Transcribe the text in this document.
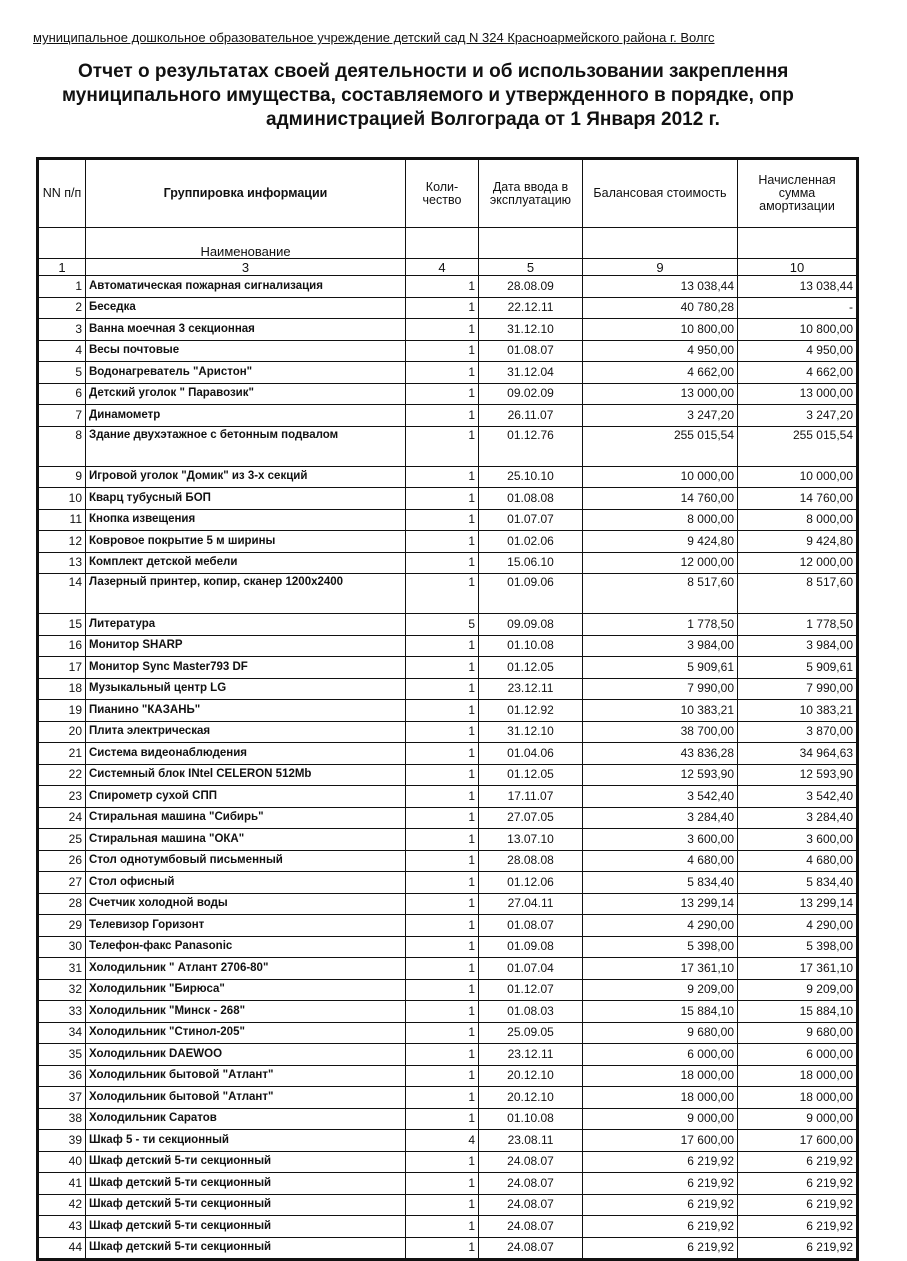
муниципальное дошкольное образовательное учреждение детский сад N 324 Красноармейского района г. Волгс
Отчет о результатах своей деятельности и об использовании закреплення
муниципального имущества, составляемого и утвержденного в порядке, опр
администрацией Волгограда от 1 Января 2012 г.
NN п/п	Группировка информации	Коли-чество	Дата ввода в эксплуатацию	Балансовая стоимость	Начисленная сумма амортизации
	Наименование				
1	3	4	5	9	10
1	Автоматическая пожарная сигнализация	1	28.08.09	13 038,44	13 038,44
2	Беседка	1	22.12.11	40 780,28	-
3	Ванна моечная 3 секционная	1	31.12.10	10 800,00	10 800,00
4	Весы почтовые	1	01.08.07	4 950,00	4 950,00
5	Водонагреватель "Аристон"	1	31.12.04	4 662,00	4 662,00
6	Детский уголок " Паравозик"	1	09.02.09	13 000,00	13 000,00
7	Динамометр	1	26.11.07	3 247,20	3 247,20
8	Здание двухэтажное с бетонным подвалом	1	01.12.76	255 015,54	255 015,54
9	Игровой уголок "Домик" из 3-х секций	1	25.10.10	10 000,00	10 000,00
10	Кварц тубусный БОП	1	01.08.08	14 760,00	14 760,00
11	Кнопка извещения	1	01.07.07	8 000,00	8 000,00
12	Ковровое покрытие 5 м ширины	1	01.02.06	9 424,80	9 424,80
13	Комплект детской мебели	1	15.06.10	12 000,00	12 000,00
14	Лазерный принтер, копир, сканер 1200х2400	1	01.09.06	8 517,60	8 517,60
15	Литература	5	09.09.08	1 778,50	1 778,50
16	Монитор SHARP	1	01.10.08	3 984,00	3 984,00
17	Монитор Sync Master793 DF	1	01.12.05	5 909,61	5 909,61
18	Музыкальный центр LG	1	23.12.11	7 990,00	7 990,00
19	Пианино "КАЗАНЬ"	1	01.12.92	10 383,21	10 383,21
20	Плита электрическая	1	31.12.10	38 700,00	3 870,00
21	Система видеонаблюдения	1	01.04.06	43 836,28	34 964,63
22	Системный блок INtel CELERON 512Mb	1	01.12.05	12 593,90	12 593,90
23	Спирометр сухой СПП	1	17.11.07	3 542,40	3 542,40
24	Стиральная машина "Сибирь"	1	27.07.05	3 284,40	3 284,40
25	Стиральная машина "ОКА"	1	13.07.10	3 600,00	3 600,00
26	Стол однотумбовый письменный	1	28.08.08	4 680,00	4 680,00
27	Стол офисный	1	01.12.06	5 834,40	5 834,40
28	Счетчик холодной воды	1	27.04.11	13 299,14	13 299,14
29	Телевизор Горизонт	1	01.08.07	4 290,00	4 290,00
30	Телефон-факс Panasonic	1	01.09.08	5 398,00	5 398,00
31	Холодильник " Атлант 2706-80"	1	01.07.04	17 361,10	17 361,10
32	Холодильник "Бирюса"	1	01.12.07	9 209,00	9 209,00
33	Холодильник "Минск - 268"	1	01.08.03	15 884,10	15 884,10
34	Холодильник "Стинол-205"	1	25.09.05	9 680,00	9 680,00
35	Холодильник DAEWOO	1	23.12.11	6 000,00	6 000,00
36	Холодильник бытовой "Атлант"	1	20.12.10	18 000,00	18 000,00
37	Холодильник бытовой "Атлант"	1	20.12.10	18 000,00	18 000,00
38	Холодильник Саратов	1	01.10.08	9 000,00	9 000,00
39	Шкаф 5 - ти секционный	4	23.08.11	17 600,00	17 600,00
40	Шкаф детский 5-ти секционный	1	24.08.07	6 219,92	6 219,92
41	Шкаф детский 5-ти секционный	1	24.08.07	6 219,92	6 219,92
42	Шкаф детский 5-ти секционный	1	24.08.07	6 219,92	6 219,92
43	Шкаф детский 5-ти секционный	1	24.08.07	6 219,92	6 219,92
44	Шкаф детский 5-ти секционный	1	24.08.07	6 219,92	6 219,92
